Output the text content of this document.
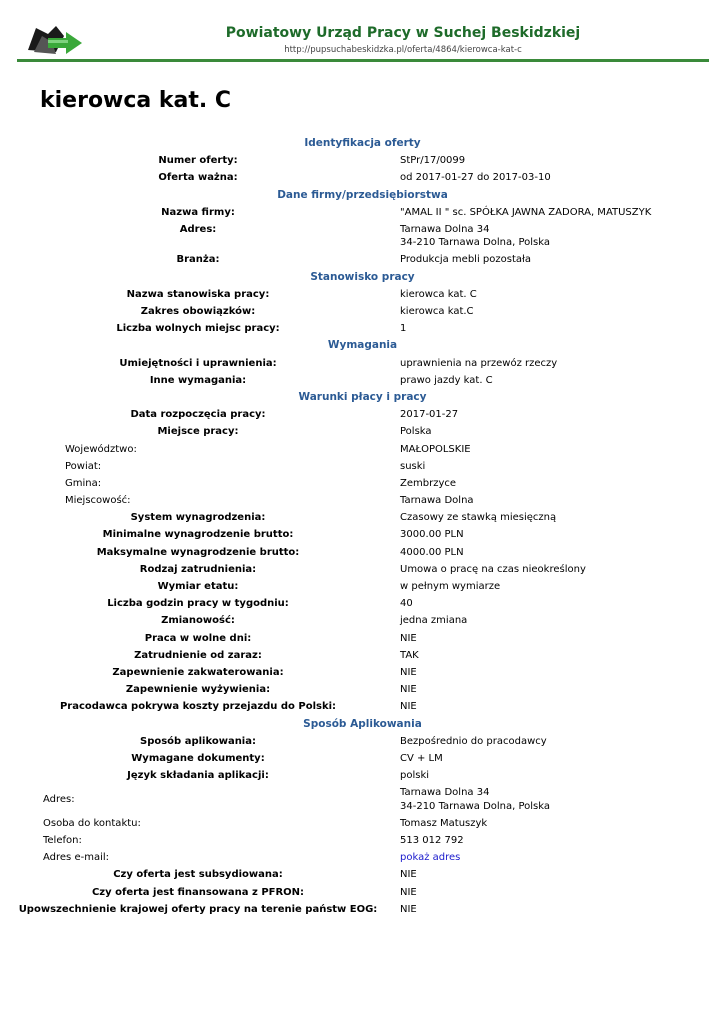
Powiatowy Urząd Pracy w Suchej Beskidzkiej
http://pupsuchabeskidzka.pl/oferta/4864/kierowca-kat-c
kierowca kat. C
Identyfikacja oferty
Numer oferty:	StPr/17/0099
Oferta ważna:	od 2017-01-27 do 2017-03-10
Dane firmy/przedsiębiorstwa
Nazwa firmy:	"AMAL II " sc. SPÓŁKA JAWNA ZADORA, MATUSZYK
Adres:	Tarnawa Dolna 34
34-210 Tarnawa Dolna, Polska
Branża:	Produkcja mebli pozostała
Stanowisko pracy
Nazwa stanowiska pracy:	kierowca kat. C
Zakres obowiązków:	kierowca kat.C
Liczba wolnych miejsc pracy:	1
Wymagania
Umiejętności i uprawnienia:	uprawnienia na przewóz rzeczy
Inne wymagania:	prawo jazdy kat. C
Warunki płacy i pracy
Data rozpoczęcia pracy:	2017-01-27
Miejsce pracy:	Polska
Województwo:	MAŁOPOLSKIE
Powiat:	suski
Gmina:	Zembrzyce
Miejscowość:	Tarnawa Dolna
System wynagrodzenia:	Czasowy ze stawką miesięczną
Minimalne wynagrodzenie brutto:	3000.00 PLN
Maksymalne wynagrodzenie brutto:	4000.00 PLN
Rodzaj zatrudnienia:	Umowa o pracę na czas nieokreślony
Wymiar etatu:	w pełnym wymiarze
Liczba godzin pracy w tygodniu:	40
Zmianowość:	jedna zmiana
Praca w wolne dni:	NIE
Zatrudnienie od zaraz:	TAK
Zapewnienie zakwaterowania:	NIE
Zapewnienie wyżywienia:	NIE
Pracodawca pokrywa koszty przejazdu do Polski:	NIE
Sposób Aplikowania
Sposób aplikowania:	Bezpośrednio do pracodawcy
Wymagane dokumenty:	CV + LM
Język składania aplikacji:	polski
Adres:
Tarnawa Dolna 34
34-210 Tarnawa Dolna, Polska
Osoba do kontaktu:	Tomasz Matuszyk
Telefon:	513 012 792
Adres e-mail:	pokaż adres
Czy oferta jest subsydiowana:	NIE
Czy oferta jest finansowana z PFRON:	NIE
Upowszechnienie krajowej oferty pracy na terenie państw EOG:	NIE
